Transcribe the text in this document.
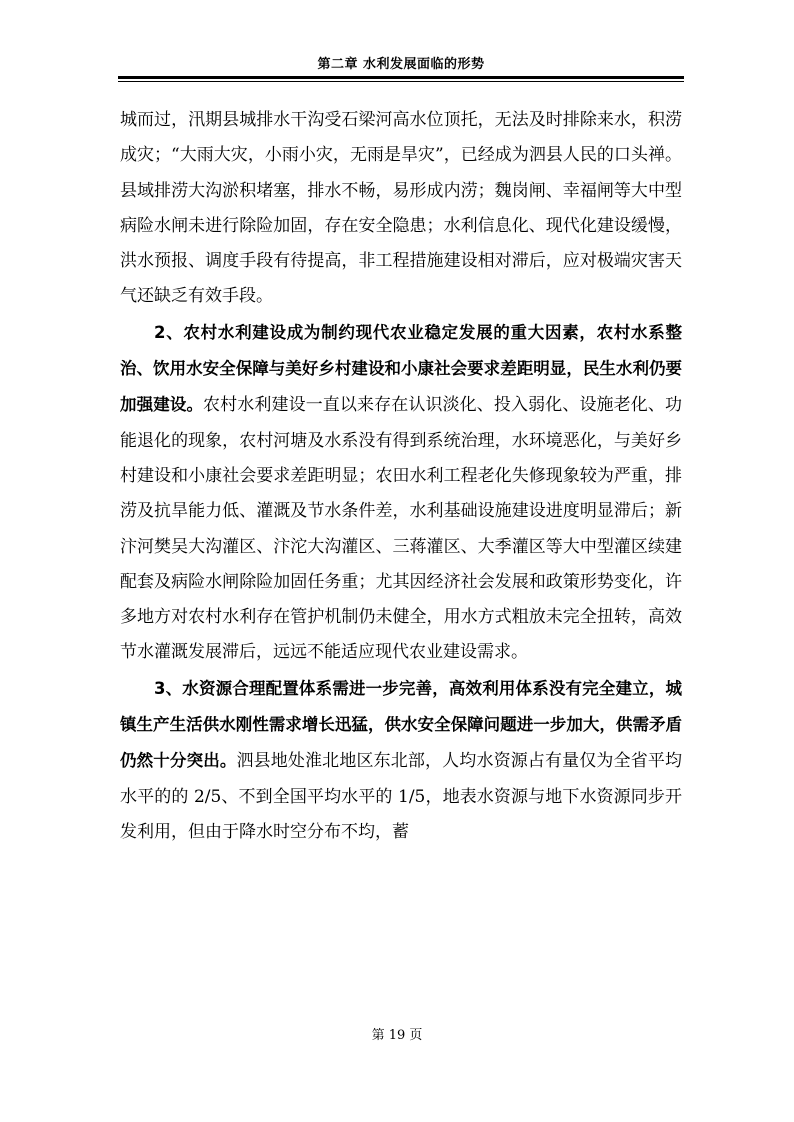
第二章 水利发展面临的形势

城而过，汛期县城排水干沟受石梁河高水位顶托，无法及时排除来水，积涝成灾；“大雨大灾，小雨小灾，无雨是旱灾”，已经成为泗县人民的口头禅。县域排涝大沟淤积堵塞，排水不畅，易形成内涝；魏岗闸、幸福闸等大中型病险水闸未进行除险加固，存在安全隐患；水利信息化、现代化建设缓慢，洪水预报、调度手段有待提高，非工程措施建设相对滞后，应对极端灾害天气还缺乏有效手段。

2、农村水利建设成为制约现代农业稳定发展的重大因素，农村水系整治、饮用水安全保障与美好乡村建设和小康社会要求差距明显，民生水利仍要加强建设。农村水利建设一直以来存在认识淡化、投入弱化、设施老化、功能退化的现象，农村河塘及水系没有得到系统治理，水环境恶化，与美好乡村建设和小康社会要求差距明显；农田水利工程老化失修现象较为严重，排涝及抗旱能力低、灌溉及节水条件差，水利基础设施建设进度明显滞后；新汴河樊吴大沟灌区、汴沱大沟灌区、三蒋灌区、大季灌区等大中型灌区续建配套及病险水闸除险加固任务重；尤其因经济社会发展和政策形势变化，许多地方对农村水利存在管护机制仍未健全，用水方式粗放未完全扭转，高效节水灌溉发展滞后，远远不能适应现代农业建设需求。

3、水资源合理配置体系需进一步完善，高效利用体系没有完全建立，城镇生产生活供水刚性需求增长迅猛，供水安全保障问题进一步加大，供需矛盾仍然十分突出。泗县地处淮北地区东北部，人均水资源占有量仅为全省平均水平的的 2/5、不到全国平均水平的 1/5，地表水资源与地下水资源同步开发利用，但由于降水时空分布不均，蓄

第 19 页
